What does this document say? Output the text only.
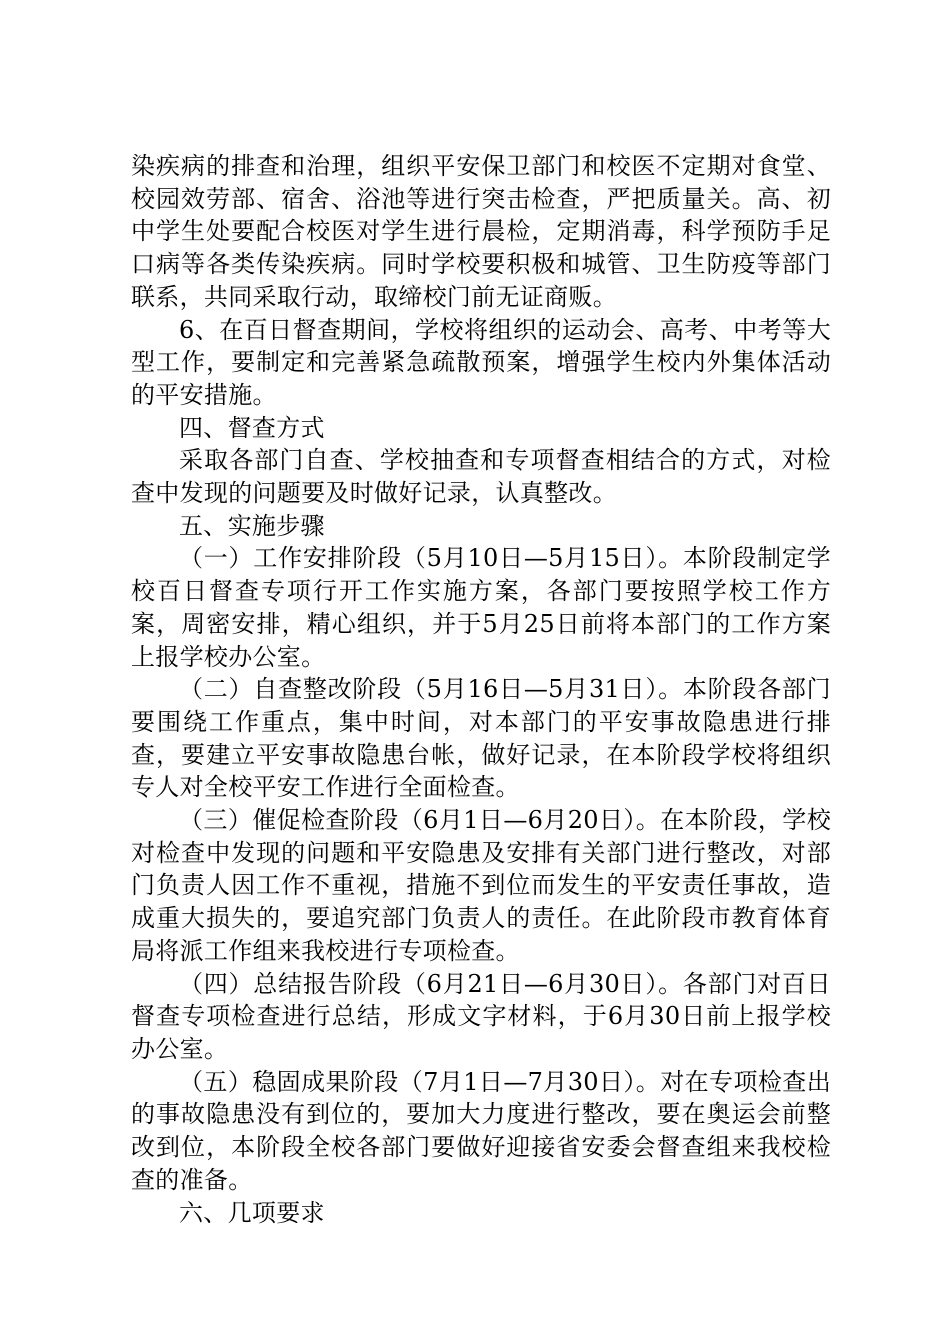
染疾病的排查和治理，组织平安保卫部门和校医不定期对食堂、校园效劳部、宿舍、浴池等进行突击检查，严把质量关。高、初中学生处要配合校医对学生进行晨检，定期消毒，科学预防手足口病等各类传染疾病。同时学校要积极和城管、卫生防疫等部门联系，共同采取行动，取缔校门前无证商贩。

6、在百日督查期间，学校将组织的运动会、高考、中考等大型工作，要制定和完善紧急疏散预案，增强学生校内外集体活动的平安措施。

四、督查方式

采取各部门自查、学校抽查和专项督查相结合的方式，对检查中发现的问题要及时做好记录，认真整改。

五、实施步骤

（一）工作安排阶段（5月10日—5月15日）。本阶段制定学校百日督查专项行开工作实施方案，各部门要按照学校工作方案，周密安排，精心组织，并于5月25日前将本部门的工作方案上报学校办公室。

（二）自查整改阶段（5月16日—5月31日）。本阶段各部门要围绕工作重点，集中时间，对本部门的平安事故隐患进行排查，要建立平安事故隐患台帐，做好记录，在本阶段学校将组织专人对全校平安工作进行全面检查。

（三）催促检查阶段（6月1日—6月20日）。在本阶段，学校对检查中发现的问题和平安隐患及安排有关部门进行整改，对部门负责人因工作不重视，措施不到位而发生的平安责任事故，造成重大损失的，要追究部门负责人的责任。在此阶段市教育体育局将派工作组来我校进行专项检查。

（四）总结报告阶段（6月21日—6月30日）。各部门对百日督查专项检查进行总结，形成文字材料，于6月30日前上报学校办公室。

（五）稳固成果阶段（7月1日—7月30日）。对在专项检查出的事故隐患没有到位的，要加大力度进行整改，要在奥运会前整改到位，本阶段全校各部门要做好迎接省安委会督查组来我校检查的准备。

六、几项要求
